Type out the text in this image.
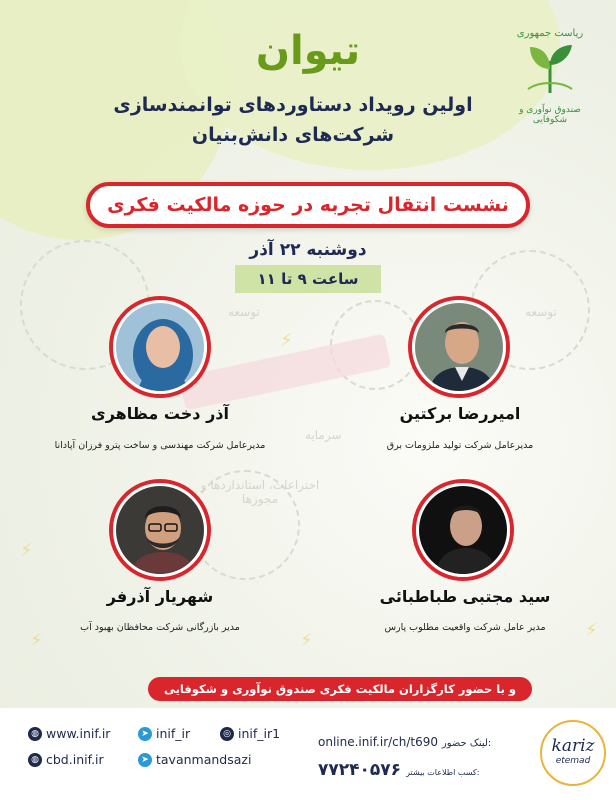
⚡
⚡	⚡	⚡
⚡
توسعه
توسعه
سرمایه
اختراعات، استانداردها و مجوزها
ریاست جمهوری
صندوق نوآوری و شکوفایی
تیوان
اولین رویداد دستاوردهای توانمندسازی
شرکت‌های دانش‌بنیان
نشست انتقال تجربه در حوزه مالکیت فکری
دوشنبه ۲۲ آذر
ساعت ۹ تا ۱۱
آذر دخت مظاهری
مدیرعامل شرکت مهندسی و ساخت پترو فرزان آپادانا
امیررضا برکتین
مدیرعامل شرکت تولید ملزومات برق
شهریار آذرفر
مدیر بازرگانی شرکت محافظان بهبود آب
سید مجتبی طباطبائی
مدیر عامل شرکت واقعیت مطلوب پارس
و با حضور کارگزاران مالکیت فکری صندوق نوآوری و شکوفایی
◍ www.inif.ir	➤ inif_ir	◎ inif_ir1
◍ cbd.inif.ir	➤ tavanmandsazi
online.inif.ir/ch/t690 لینک حضور:
۷۷۲۴۰۵۷۶ کسب اطلاعات بیشتر:
kariz
etemad
